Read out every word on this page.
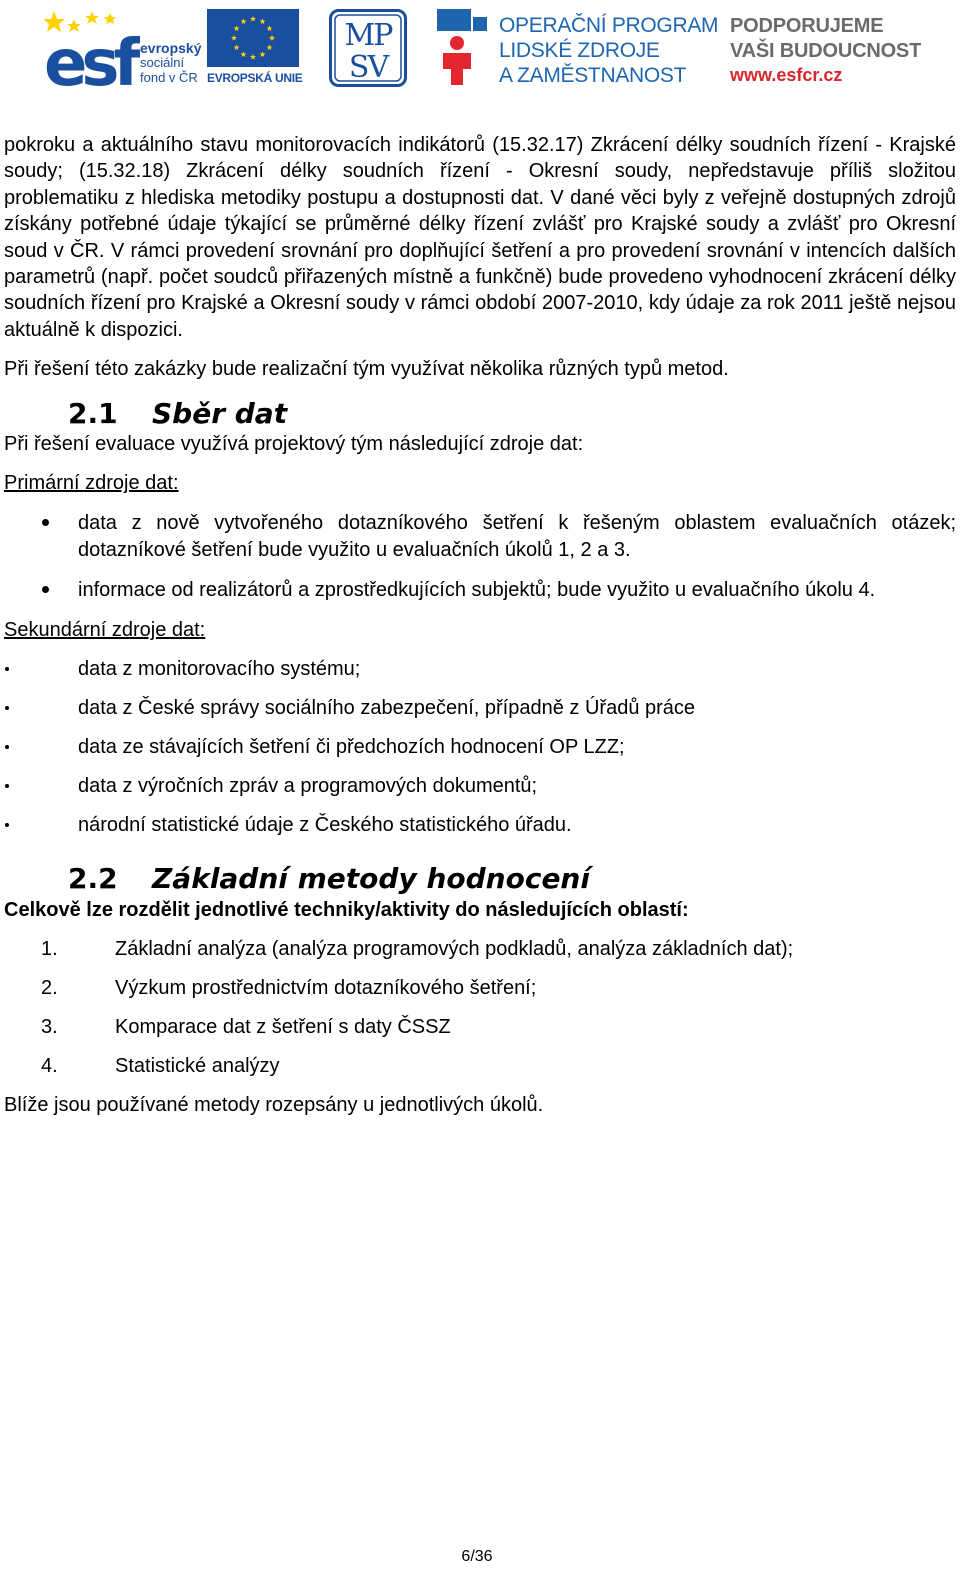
esf evropský
sociální
fond v ČR EVROPSKÁ UNIE
MP
SV
OPERAČNÍ PROGRAM
LIDSKÉ ZDROJE
A ZAMĚSTNANOST
PODPORUJEME
VAŠI BUDOUCNOST
www.esfcr.cz

pokroku a aktuálního stavu monitorovacích indikátorů (15.32.17) Zkrácení délky soudních řízení - Krajské soudy; (15.32.18) Zkrácení délky soudních řízení - Okresní soudy, nepředstavuje příliš složitou problematiku z hlediska metodiky postupu a dostupnosti dat. V dané věci byly z veřejně dostupných zdrojů získány potřebné údaje týkající se průměrné délky řízení zvlášť pro Krajské soudy a zvlášť pro Okresní soud v ČR. V rámci provedení srovnání pro doplňující šetření a pro provedení srovnání v intencích dalších parametrů (např. počet soudců přiřazených místně a funkčně) bude provedeno vyhodnocení zkrácení délky soudních řízení pro Krajské a Okresní soudy v rámci období 2007-2010, kdy údaje za rok 2011 ještě nejsou aktuálně k dispozici.

Při řešení této zakázky bude realizační tým využívat několika různých typů metod.

2.1 Sběr dat

Při řešení evaluace využívá projektový tým následující zdroje dat:

Primární zdroje dat:

data z nově vytvořeného dotazníkového šetření k řešeným oblastem evaluačních otázek; dotazníkové šetření bude využito u evaluačních úkolů 1, 2 a 3.
informace od realizátorů a zprostředkujících subjektů; bude využito u evaluačního úkolu 4.

Sekundární zdroje dat:

data z monitorovacího systému;
data z České správy sociálního zabezpečení, případně z Úřadů práce
data ze stávajících šetření či předchozích hodnocení OP LZZ;
data z výročních zpráv a programových dokumentů;
národní statistické údaje z Českého statistického úřadu.
2.2 Základní metody hodnocení

Celkově lze rozdělit jednotlivé techniky/aktivity do následujících oblastí:

1.	Základní analýza (analýza programových podkladů, analýza základních dat);
2.	Výzkum prostřednictvím dotazníkového šetření;
3.	Komparace dat z šetření s daty ČSSZ
4.	Statistické analýzy

Blíže jsou používané metody rozepsány u jednotlivých úkolů.

6/36
